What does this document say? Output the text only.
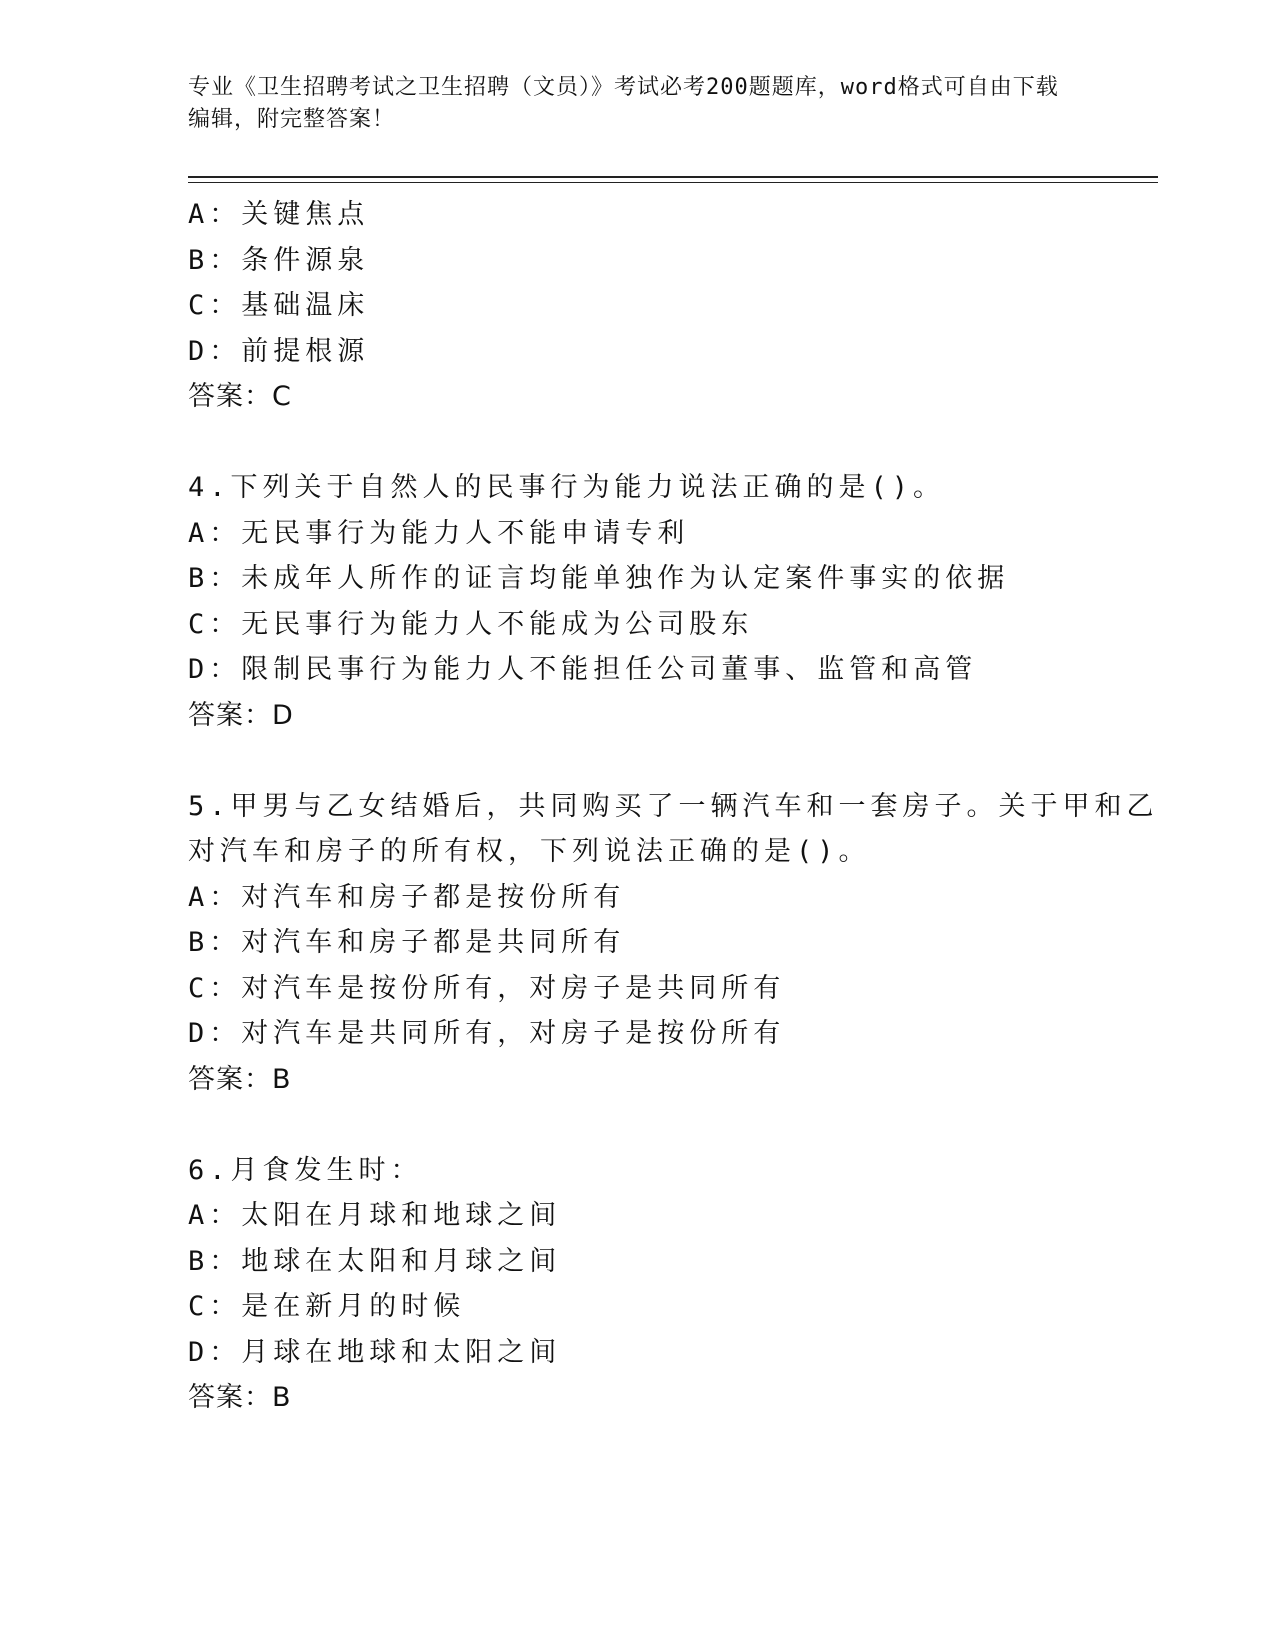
专业《卫生招聘考试之卫生招聘（文员）》考试必考200题题库，word格式可自由下载编辑，附完整答案！
A：关键焦点
B：条件源泉
C：基础温床
D：前提根源
答案：C
4.下列关于自然人的民事行为能力说法正确的是()。
A：无民事行为能力人不能申请专利
B：未成年人所作的证言均能单独作为认定案件事实的依据
C：无民事行为能力人不能成为公司股东
D：限制民事行为能力人不能担任公司董事、监管和高管
答案：D
5.甲男与乙女结婚后，共同购买了一辆汽车和一套房子。关于甲和乙
对汽车和房子的所有权，下列说法正确的是()。
A：对汽车和房子都是按份所有
B：对汽车和房子都是共同所有
C：对汽车是按份所有，对房子是共同所有
D：对汽车是共同所有，对房子是按份所有
答案：B
6.月食发生时：
A：太阳在月球和地球之间
B：地球在太阳和月球之间
C：是在新月的时候
D：月球在地球和太阳之间
答案：B
